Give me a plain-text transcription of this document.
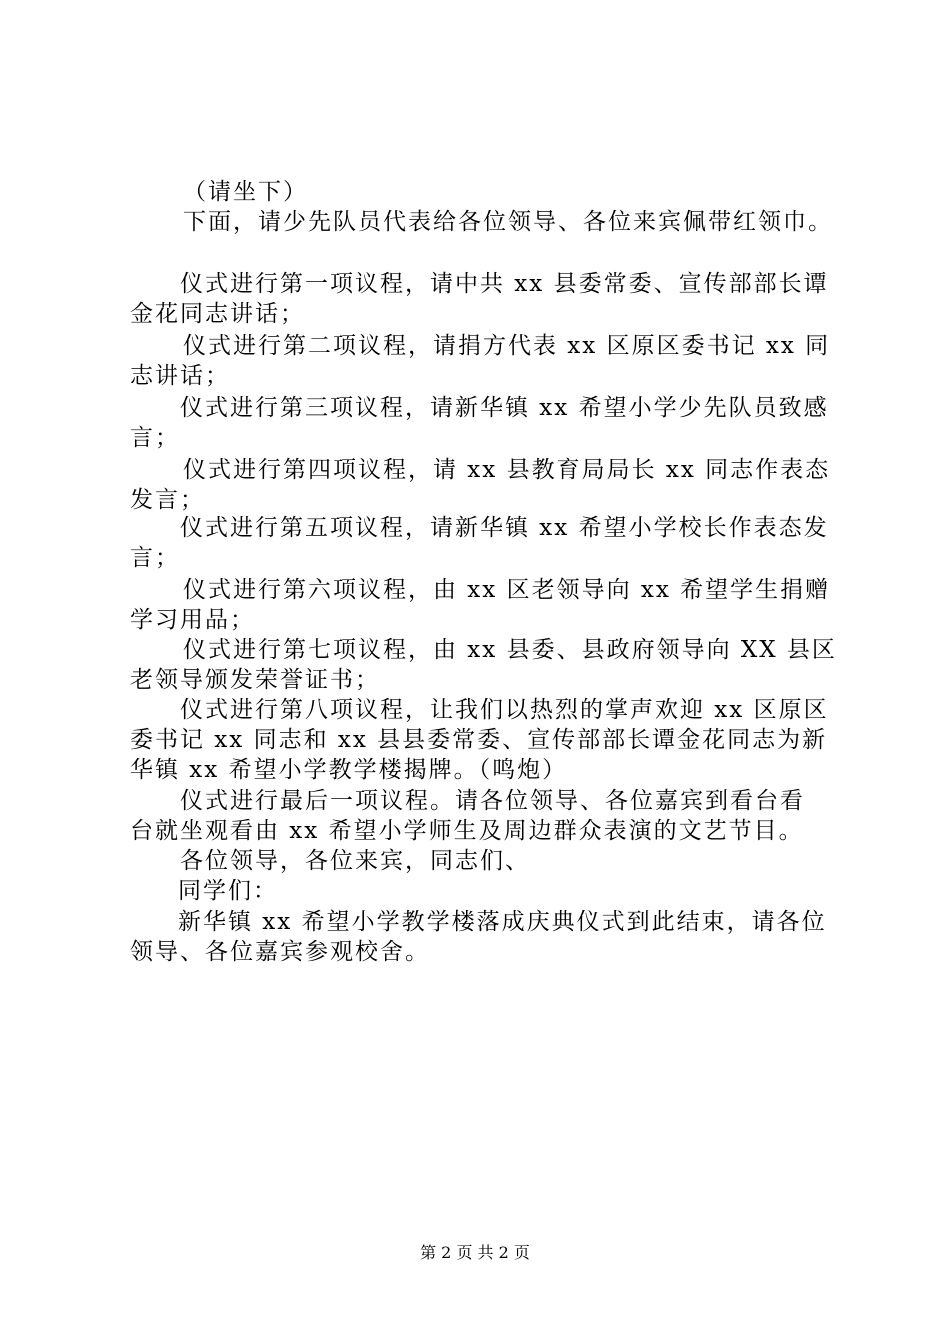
（请坐下）
下面，请少先队员代表给各位领导、各位来宾佩带红领巾。
仪式进行第一项议程，请中共 xx 县委常委、宣传部部长谭
金花同志讲话；
仪式进行第二项议程，请捐方代表 xx 区原区委书记 xx 同
志讲话；
仪式进行第三项议程，请新华镇 xx 希望小学少先队员致感
言；
仪式进行第四项议程，请 xx 县教育局局长 xx 同志作表态
发言；
仪式进行第五项议程，请新华镇 xx 希望小学校长作表态发
言；
仪式进行第六项议程，由 xx 区老领导向 xx 希望学生捐赠
学习用品；
仪式进行第七项议程，由 xx 县委、县政府领导向 XX 县区
老领导颁发荣誉证书；
仪式进行第八项议程，让我们以热烈的掌声欢迎 xx 区原区
委书记 xx 同志和 xx 县县委常委、宣传部部长谭金花同志为新
华镇 xx 希望小学教学楼揭牌。（鸣炮）
仪式进行最后一项议程。请各位领导、各位嘉宾到看台看
台就坐观看由 xx 希望小学师生及周边群众表演的文艺节目。
各位领导，各位来宾，同志们、
同学们：
新华镇 xx 希望小学教学楼落成庆典仪式到此结束，请各位
领导、各位嘉宾参观校舍。
第 2 页 共 2 页
